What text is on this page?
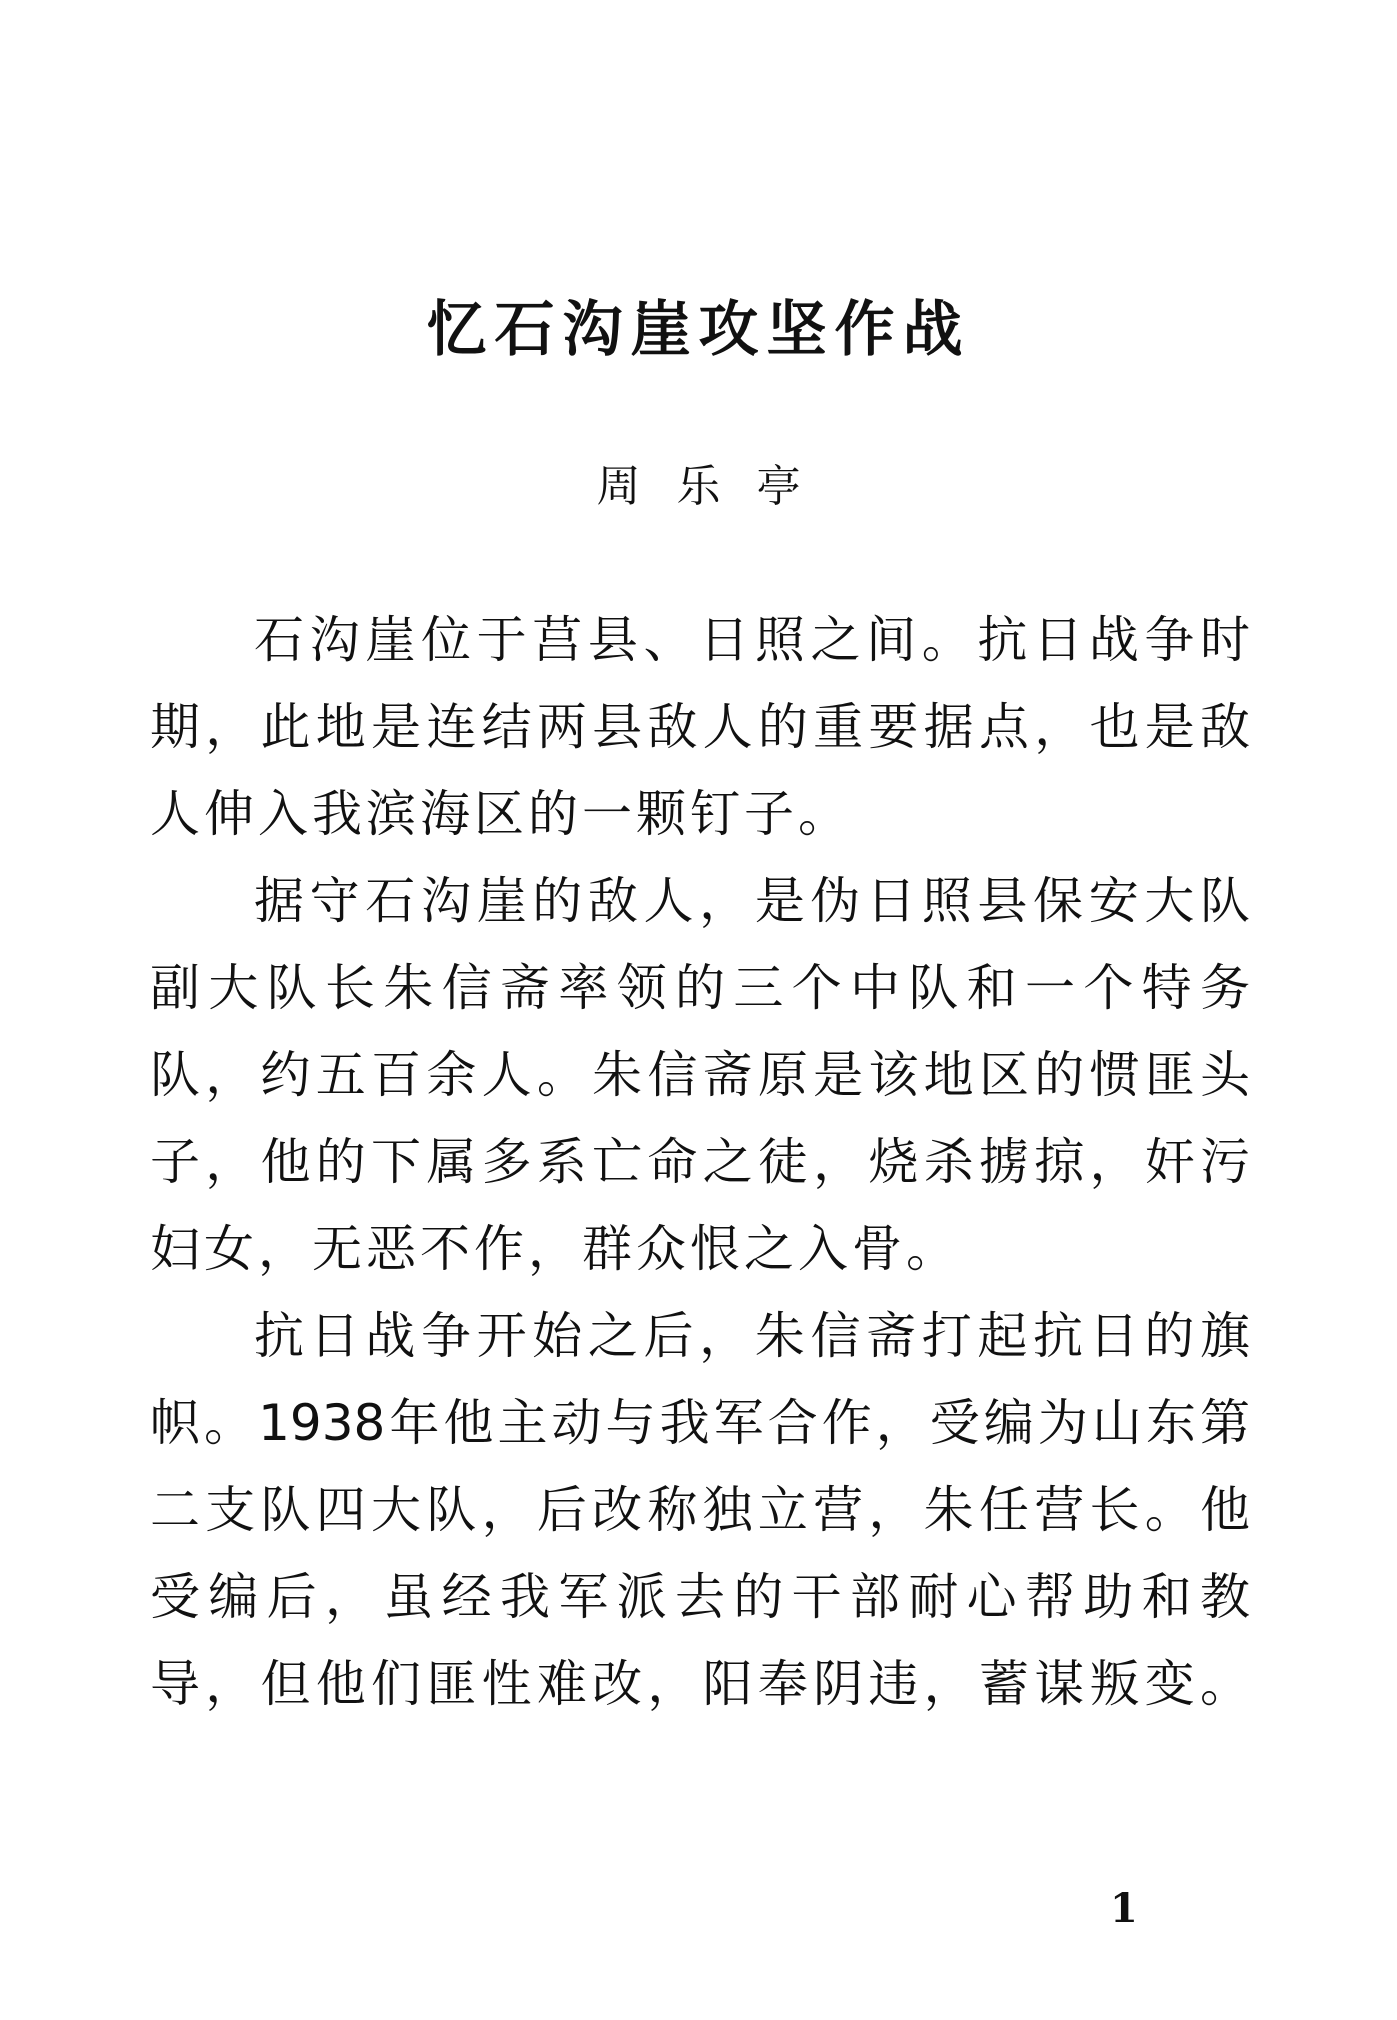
忆石沟崖攻坚作战
周乐亭
石沟崖位于莒县、日照之间。抗日战争时
期，此地是连结两县敌人的重要据点，也是敌
人伸入我滨海区的一颗钉子。
据守石沟崖的敌人，是伪日照县保安大队
副大队长朱信斋率领的三个中队和一个特务
队，约五百余人。朱信斋原是该地区的惯匪头
子，他的下属多系亡命之徒，烧杀掳掠，奸污
妇女，无恶不作，群众恨之入骨。
抗日战争开始之后，朱信斋打起抗日的旗
帜。1938年他主动与我军合作，受编为山东第
二支队四大队，后改称独立营，朱任营长。他
受编后，虽经我军派去的干部耐心帮助和教
导，但他们匪性难改，阳奉阴违，蓄谋叛变。
1
